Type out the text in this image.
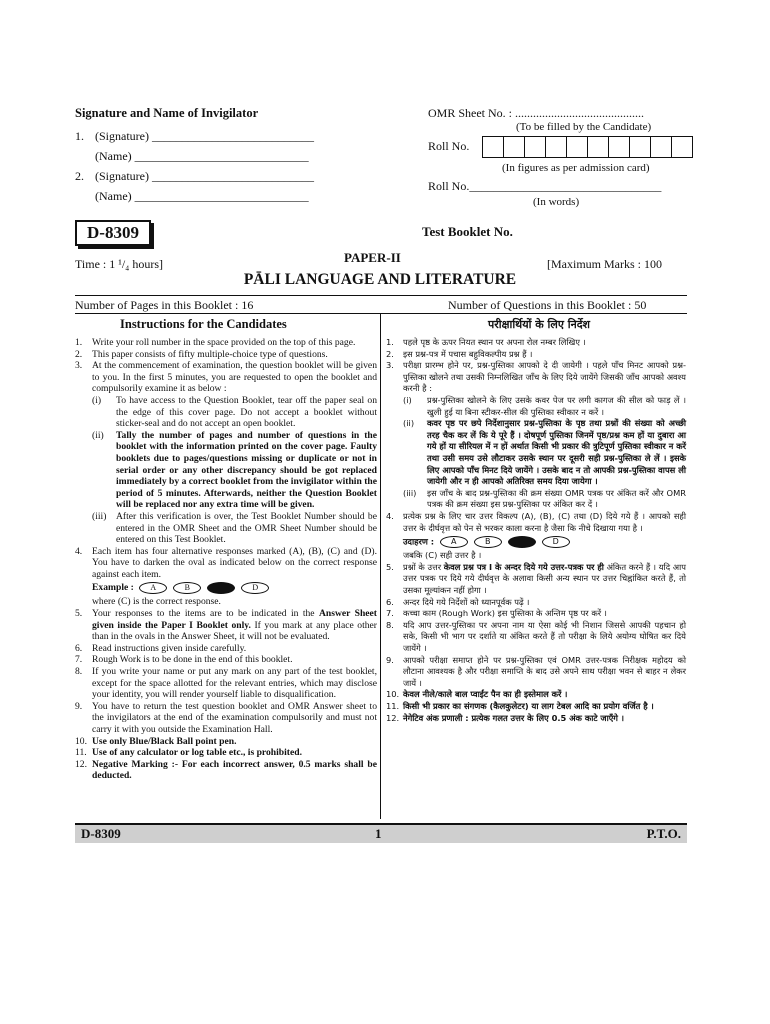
Signature and Name of Invigilator
1. (Signature) ___________________________
(Name) _____________________________
2. (Signature) ___________________________
(Name) _____________________________
OMR Sheet No. : ...........................................
(To be filled by the Candidate)
Roll No.
(In figures as per admission card)
Roll No.________________________________
(In words)
D-8309	Test Booklet No.
Time : 1 ¹/₄ hours]	PAPER-II	[Maximum Marks : 100
PĀLI LANGUAGE AND LITERATURE
Number of Pages in this Booklet : 16	Number of Questions in this Booklet : 50
Instructions for the Candidates
1. Write your roll number in the space provided on the top of this page.
2. This paper consists of fifty multiple-choice type of questions.
3. At the commencement of examination, the question booklet will be given to you. In the first 5 minutes, you are requested to open the booklet and compulsorily examine it as below :
(i) To have access to the Question Booklet, tear off the paper seal on the edge of this cover page. Do not accept a booklet without sticker-seal and do not accept an open booklet.
(ii) Tally the number of pages and number of questions in the booklet with the information printed on the cover page. Faulty booklets due to pages/questions missing or duplicate or not in serial order or any other discrepancy should be got replaced immediately by a correct booklet from the invigilator within the period of 5 minutes. Afterwards, neither the Question Booklet will be replaced nor any extra time will be given.
(iii) After this verification is over, the Test Booklet Number should be entered in the OMR Sheet and the OMR Sheet Number should be entered on this Test Booklet.
4. Each item has four alternative responses marked (A), (B), (C) and (D). You have to darken the oval as indicated below on the correct response against each item.
Example : A	B	D
where (C) is the correct response.
5. Your responses to the items are to be indicated in the Answer Sheet given inside the Paper I Booklet only. If you mark at any place other than in the ovals in the Answer Sheet, it will not be evaluated.
6. Read instructions given inside carefully.
7. Rough Work is to be done in the end of this booklet.
8. If you write your name or put any mark on any part of the test booklet, except for the space allotted for the relevant entries, which may disclose your identity, you will render yourself liable to disqualification.
9. You have to return the test question booklet and OMR Answer sheet to the invigilators at the end of the examination compulsorily and must not carry it with you outside the Examination Hall.
10. Use only Blue/Black Ball point pen.
11. Use of any calculator or log table etc., is prohibited.
12. Negative Marking :- For each incorrect answer, 0.5 marks shall be deducted.
परीक्षार्थियों के लिए निर्देश
1. पहले पृष्ठ के ऊपर नियत स्थान पर अपना रोल नम्बर लिखिए ।
2. इस प्रश्न-पत्र में पचास बहुविकल्पीय प्रश्न हैं ।
3. परीक्षा प्रारम्भ होने पर, प्रश्न-पुस्तिका आपको दे दी जायेगी । पहले पाँच मिनट आपको प्रश्न-पुस्तिका खोलने तथा उसकी निम्नलिखित जाँच के लिए दिये जायेंगे जिसकी जाँच आपको अवश्य करनी है :
(i) प्रश्न-पुस्तिका खोलने के लिए उसके कवर पेज पर लगी कागज की सील को फाड़ लें । खुली हुई या बिना स्टीकर-सील की पुस्तिका स्वीकार न करें ।
(ii) कवर पृष्ठ पर छपे निर्देशानुसार प्रश्न-पुस्तिका के पृष्ठ तथा प्रश्नों की संख्या को अच्छी तरह चैक कर लें कि ये पूरे हैं । दोषपूर्ण पुस्तिका जिनमें पृष्ठ/प्रश्न कम हों या दुबारा आ गये हों या सीरियल में न हों अर्थात किसी भी प्रकार की त्रुटिपूर्ण पुस्तिका स्वीकार न करें तथा उसी समय उसे लौटाकर उसके स्थान पर दूसरी सही प्रश्न-पुस्तिका ले लें । इसके लिए आपको पाँच मिनट दिये जायेंगे । उसके बाद न तो आपकी प्रश्न-पुस्तिका वापस ली जायेगी और न ही आपको अतिरिक्त समय दिया जायेगा ।
(iii) इस जाँच के बाद प्रश्न-पुस्तिका की क्रम संख्या OMR पत्रक पर अंकित करें और OMR पत्रक की क्रम संख्या इस प्रश्न-पुस्तिका पर अंकित कर दें ।
4. प्रत्येक प्रश्न के लिए चार उत्तर विकल्प (A), (B), (C) तथा (D) दिये गये हैं । आपको सही उत्तर के दीर्घवृत्त को पेन से भरकर काला करना है जैसा कि नीचे दिखाया गया है ।
उदाहरण : A	B	D
जबकि (C) सही उत्तर है ।
5. प्रश्नों के उत्तर केवल प्रश्न पत्र I के अन्दर दिये गये उत्तर-पत्रक पर ही अंकित करने हैं । यदि आप उत्तर पत्रक पर दिये गये दीर्घवृत्त के अलावा किसी अन्य स्थान पर उत्तर चिह्नांकित करते हैं, तो उसका मूल्यांकन नहीं होगा ।
6. अन्दर दिये गये निर्देशों को ध्यानपूर्वक पढ़ें ।
7. कच्चा काम (Rough Work) इस पुस्तिका के अन्तिम पृष्ठ पर करें ।
8. यदि आप उत्तर-पुस्तिका पर अपना नाम या ऐसा कोई भी निशान जिससे आपकी पहचान हो सके, किसी भी भाग पर दर्शाते या अंकित करते हैं तो परीक्षा के लिये अयोग्य घोषित कर दिये जायेंगे ।
9. आपको परीक्षा समाप्त होने पर प्रश्न-पुस्तिका एवं OMR उत्तर-पत्रक निरीक्षक महोदय को लौटाना आवश्यक है और परीक्षा समाप्ति के बाद उसे अपने साथ परीक्षा भवन से बाहर न लेकर जायें ।
10. केवल नीले/काले बाल प्वाईंट पैन का ही इस्तेमाल करें ।
11. किसी भी प्रकार का संगणक (कैलकुलेटर) या लाग टेबल आदि का प्रयोग वर्जित है ।
12. नेगेटिव अंक प्रणाली : प्रत्येक गलत उत्तर के लिए 0.5 अंक काटे जाएँगे ।
D-8309	1	P.T.O.
